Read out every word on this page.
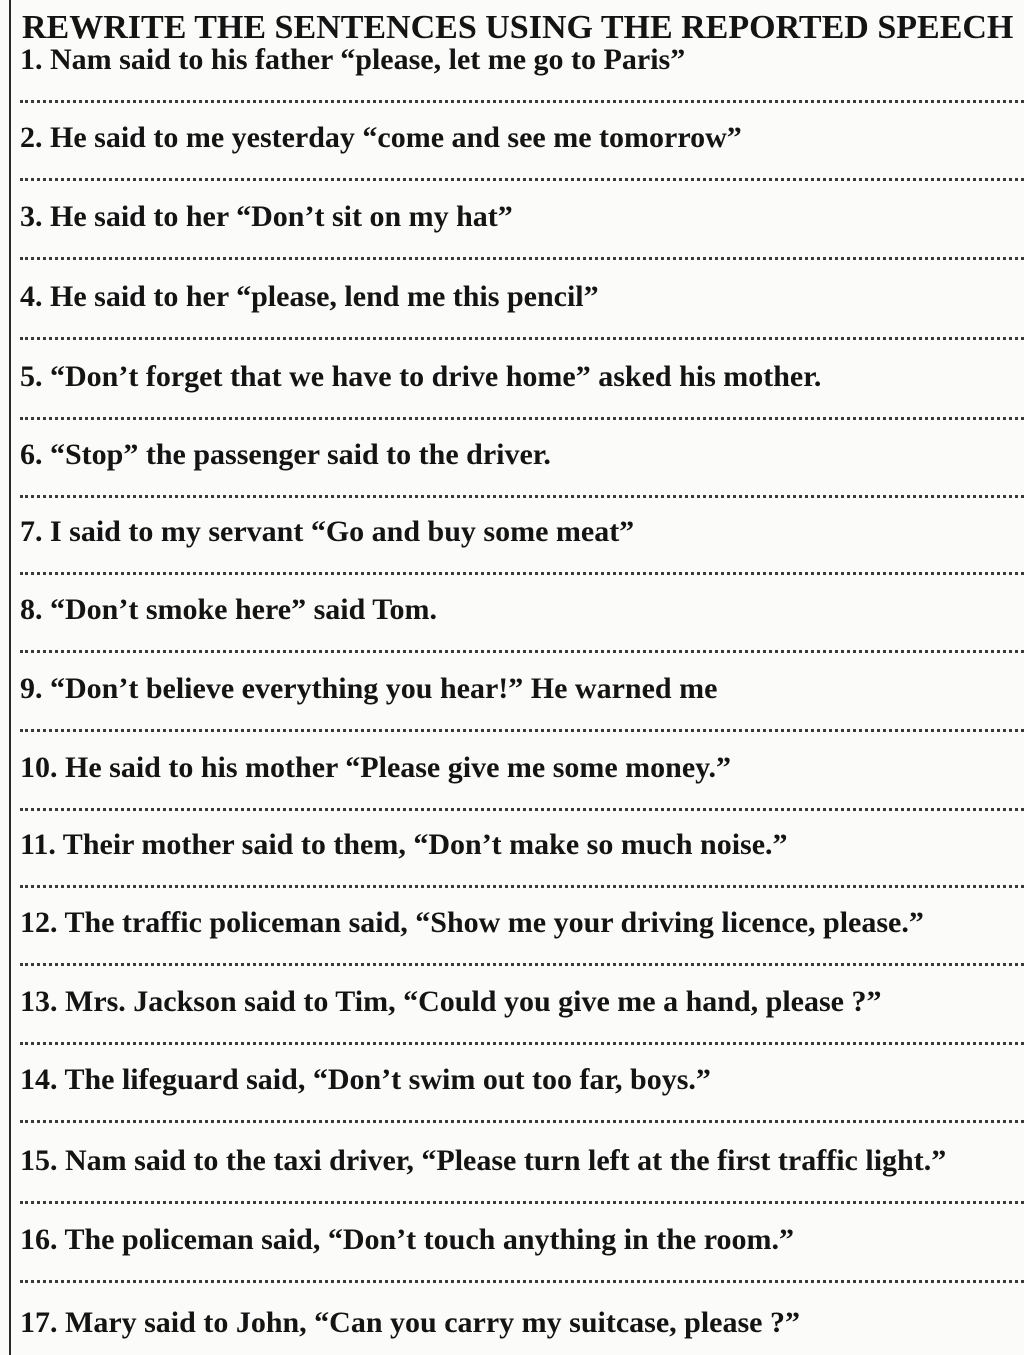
REWRITE THE SENTENCES USING THE REPORTED SPEECH
1. Nam said to his father “please, let me go to Paris”
2. He said to me yesterday “come and see me tomorrow”
3. He said to her “Don’t sit on my hat”
4. He said to her “please, lend me this pencil”
5. “Don’t forget that we have to drive home” asked his mother.
6. “Stop” the passenger said to the driver.
7. I said to my servant “Go and buy some meat”
8. “Don’t smoke here” said Tom.
9. “Don’t believe everything you hear!” He warned me
10. He said to his mother “Please give me some money.”
11. Their mother said to them, “Don’t make so much noise.”
12. The traffic policeman said, “Show me your driving licence, please.”
13. Mrs. Jackson said to Tim, “Could you give me a hand, please ?”
14. The lifeguard said, “Don’t swim out too far, boys.”
15. Nam said to the taxi driver, “Please turn left at the first traffic light.”
16. The policeman said, “Don’t touch anything in the room.”
17. Mary said to John, “Can you carry my suitcase, please ?”
